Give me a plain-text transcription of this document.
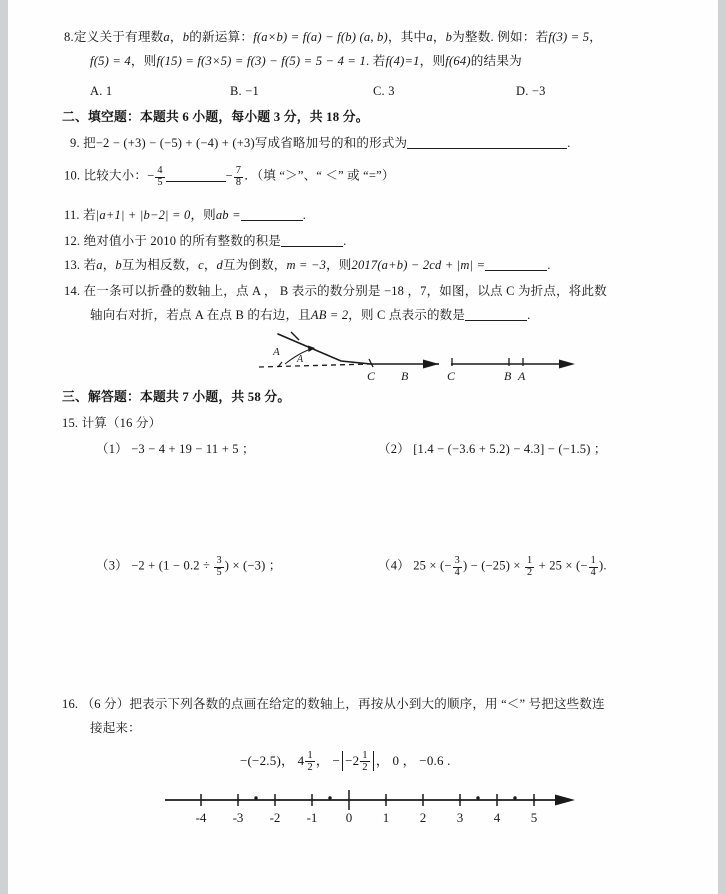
8.定义关于有理数a，b的新运算：f(a×b) = f(a) − f(b) (a, b)，其中a，b为整数. 例如：若f(3) = 5，
f(5) = 4，则f(15) = f(3×5) = f(3) − f(5) = 5 − 4 = 1. 若f(4)=1，则f(64)的结果为
A. 1	B. −1	C. 3	D. −3
二、填空题：本题共 6 小题，每小题 3 分，共 18 分。
9. 把−2 − (+3) − (−5) + (−4) + (+3)写成省略加号的和的形式为	.
10. 比较大小：− $\frac{4}{5}$	− $\frac{7}{8}$ ．（填 “＞”、“ ＜” 或 “=”）
11. 若|a+1| + |b−2| = 0，则ab =	.
12. 绝对值小于 2010 的所有整数的积是	.
13. 若a，b互为相反数，c，d互为倒数，m = −3，则2017(a+b) − 2cd + |m| =	.
14. 在一条可以折叠的数轴上，点 A ， B 表示的数分别是 −18 ，7，如图，以点 C 为折点，将此数
轴向右对折，若点 A 在点 B 的右边，且AB = 2，则 C 点表示的数是	.
A
A
C B	C	B A
三、解答题：本题共 7 小题，共 58 分。
15. 计算（16 分）
（1） −3 − 4 + 19 − 11 + 5 ；	（2） [1.4 − (−3.6 + 5.2) − 4.3] − (−1.5) ；
$(3) -2 + (1 - 0.2 \div \frac{3}{5}$ ) × (−3) ；	（4） 25 × (− $\frac{3}{4}$ ) − $(-25) \times \frac{1}{2} + 25$ × (− $\frac{1}{4}$ ).
16. （6 分）把表示下列各数的点画在给定的数轴上，再按从小到大的顺序，用 “＜” 号把这些数连
接起来：
−(−2.5)， $4 \frac{1}{2}$ ， − $-2 \frac{1}{2}$ ， 0 ， −0.6 .
-4 -3 -2 -1 0 1 2 3 4 5
